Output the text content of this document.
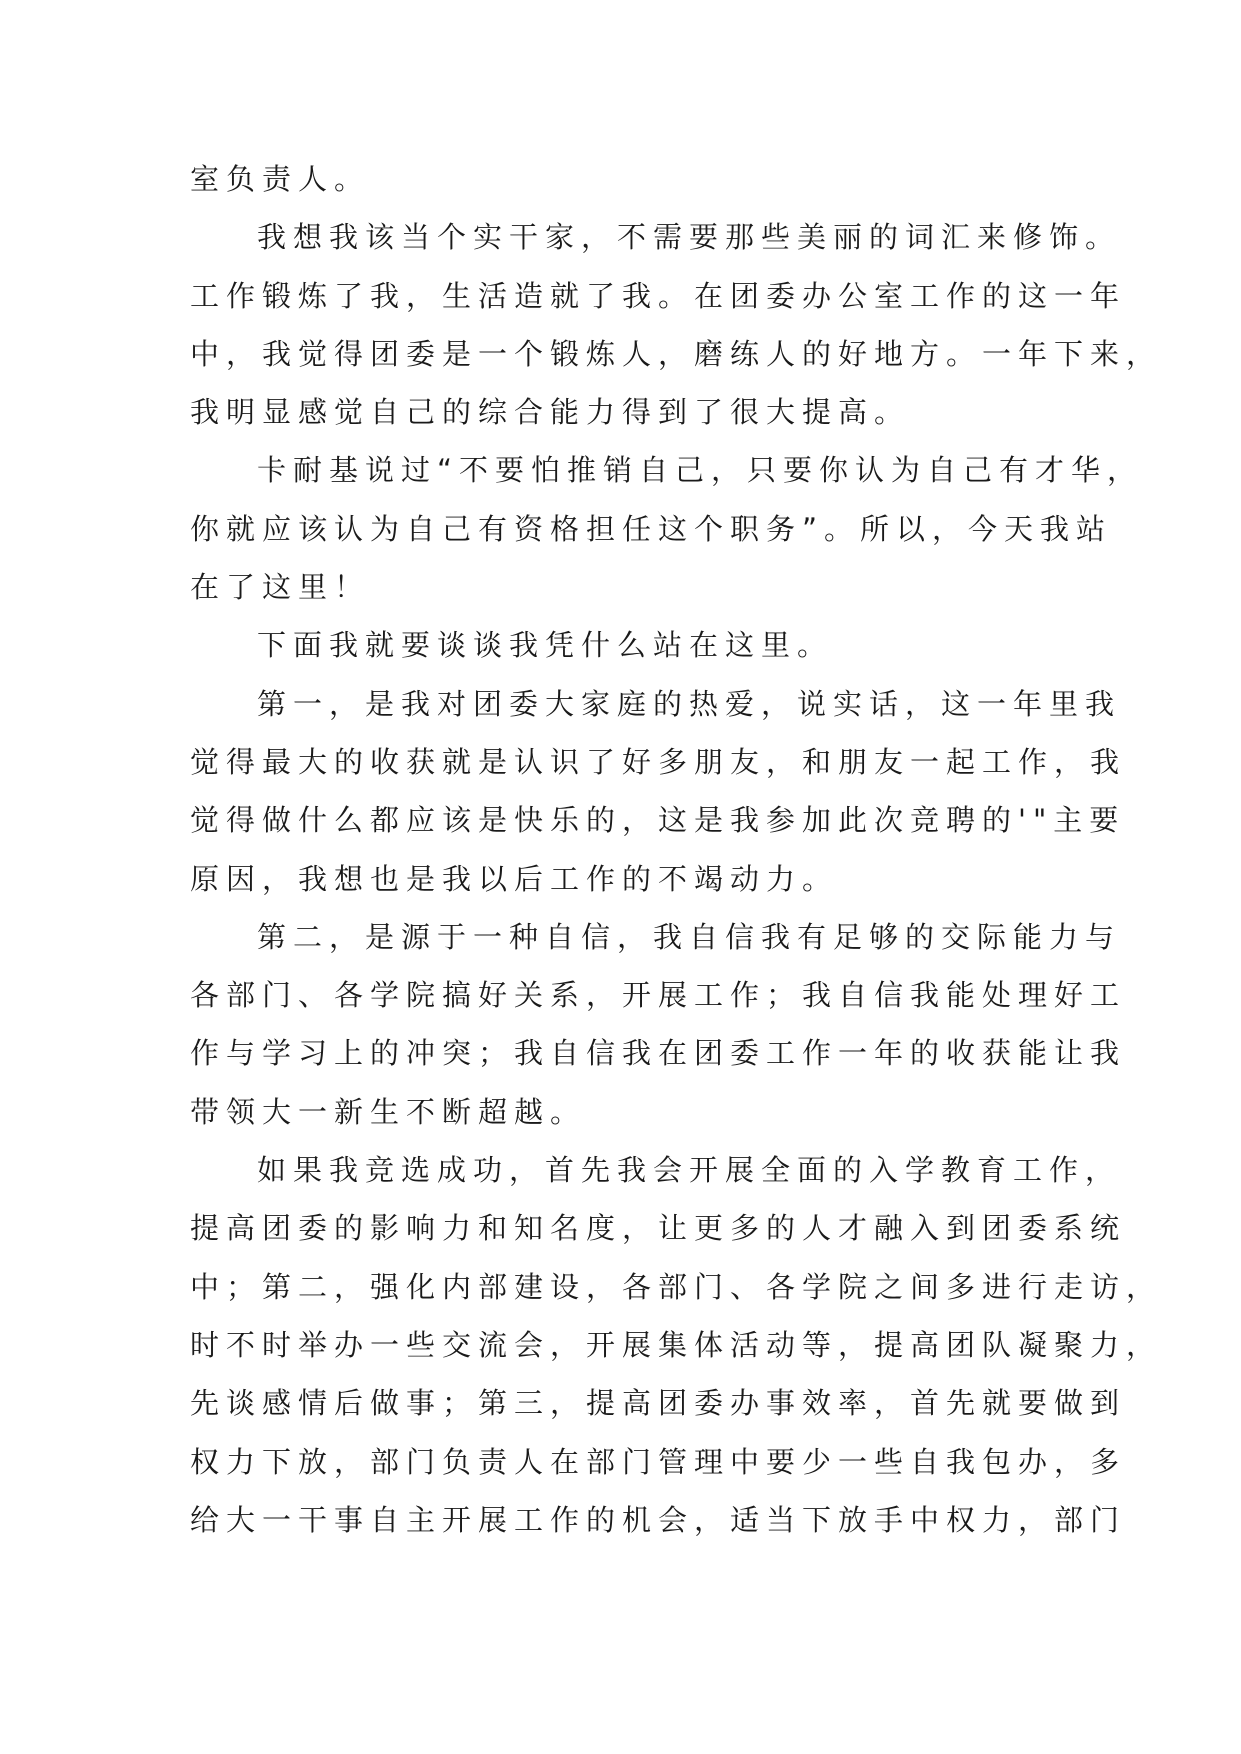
室负责人。
我想我该当个实干家，不需要那些美丽的词汇来修饰。
工作锻炼了我，生活造就了我。在团委办公室工作的这一年
中，我觉得团委是一个锻炼人，磨练人的好地方。一年下来，
我明显感觉自己的综合能力得到了很大提高。
卡耐基说过“不要怕推销自己，只要你认为自己有才华，
你就应该认为自己有资格担任这个职务”。所以，今天我站
在了这里！
下面我就要谈谈我凭什么站在这里。
第一，是我对团委大家庭的热爱，说实话，这一年里我
觉得最大的收获就是认识了好多朋友，和朋友一起工作，我
觉得做什么都应该是快乐的，这是我参加此次竞聘的'"主要
原因，我想也是我以后工作的不竭动力。
第二，是源于一种自信，我自信我有足够的交际能力与
各部门、各学院搞好关系，开展工作；我自信我能处理好工
作与学习上的冲突；我自信我在团委工作一年的收获能让我
带领大一新生不断超越。
如果我竞选成功，首先我会开展全面的入学教育工作，
提高团委的影响力和知名度，让更多的人才融入到团委系统
中；第二，强化内部建设，各部门、各学院之间多进行走访，
时不时举办一些交流会，开展集体活动等，提高团队凝聚力，
先谈感情后做事；第三，提高团委办事效率，首先就要做到
权力下放，部门负责人在部门管理中要少一些自我包办，多
给大一干事自主开展工作的机会，适当下放手中权力，部门
